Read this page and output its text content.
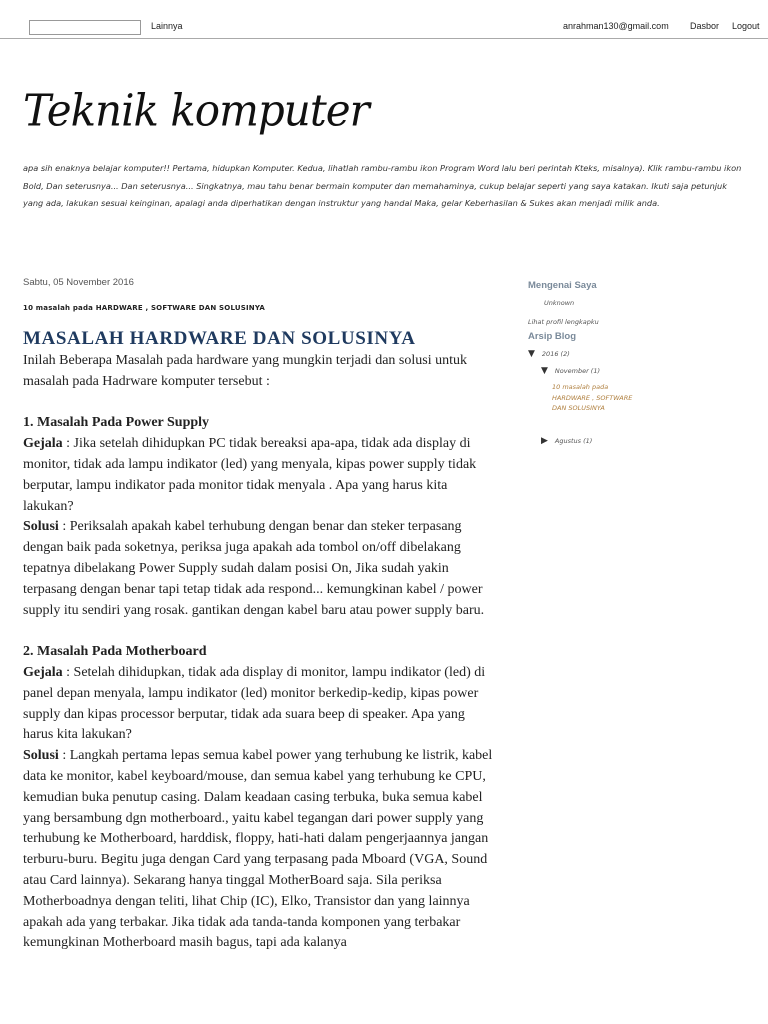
Lainnya	anrahman130@gmail.com Dasbor Logout
Teknik komputer
apa sih enaknya belajar komputer!! Pertama, hidupkan Komputer. Kedua, lihatlah rambu-rambu ikon Program Word lalu beri perintah Kteks, misalnya). Klik rambu-rambu ikon Bold, Dan seterusnya... Dan seterusnya... Singkatnya, mau tahu benar bermain komputer dan memahaminya, cukup belajar seperti yang saya katakan. Ikuti saja petunjuk yang ada, lakukan sesuai keinginan, apalagi anda diperhatikan dengan instruktur yang handal Maka, gelar Keberhasilan & Sukes akan menjadi milik anda.
Sabtu, 05 November 2016
10 masalah pada HARDWARE , SOFTWARE DAN SOLUSINYA
MASALAH HARDWARE DAN SOLUSINYA

Inilah Beberapa Masalah pada hardware yang mungkin terjadi dan solusi untuk masalah pada Hadrware komputer tersebut :

1. Masalah Pada Power Supply

Gejala : Jika setelah dihidupkan PC tidak bereaksi apa-apa, tidak ada display di monitor, tidak ada lampu indikator (led) yang menyala, kipas power supply tidak berputar, lampu indikator pada monitor tidak menyala . Apa yang harus kita lakukan?

Solusi : Periksalah apakah kabel terhubung dengan benar dan steker terpasang dengan baik pada soketnya, periksa juga apakah ada tombol on/off dibelakang tepatnya dibelakang Power Supply sudah dalam posisi On, Jika sudah yakin terpasang dengan benar tapi tetap tidak ada respond... kemungkinan kabel / power supply itu sendiri yang rosak. gantikan dengan kabel baru atau power supply baru.

2. Masalah Pada Motherboard

Gejala : Setelah dihidupkan, tidak ada display di monitor, lampu indikator (led) di panel depan menyala, lampu indikator (led) monitor berkedip-kedip, kipas power supply dan kipas processor berputar, tidak ada suara beep di speaker. Apa yang harus kita lakukan?

Solusi : Langkah pertama lepas semua kabel power yang terhubung ke listrik, kabel data ke monitor, kabel keyboard/mouse, dan semua kabel yang terhubung ke CPU, kemudian buka penutup casing. Dalam keadaan casing terbuka, buka semua kabel yang bersambung dgn motherboard., yaitu kabel tegangan dari power supply yang terhubung ke Motherboard, harddisk, floppy, hati-hati dalam pengerjaannya jangan terburu-buru. Begitu juga dengan Card yang terpasang pada Mboard (VGA, Sound atau Card lainnya). Sekarang hanya tinggal MotherBoard saja. Sila periksa Motherboadnya dengan teliti, lihat Chip (IC), Elko, Transistor dan yang lainnya apakah ada yang terbakar. Jika tidak ada tanda-tanda komponen yang terbakar kemungkinan Motherboard masih bagus, tapi ada kalanya

Mengenai Saya
Unknown
Lihat profil lengkapku
Arsip Blog
▼ 2016 (2)
▼ November (1)
10 masalah pada HARDWARE , SOFTWARE DAN SOLUSINYA
▶ Agustus (1)
